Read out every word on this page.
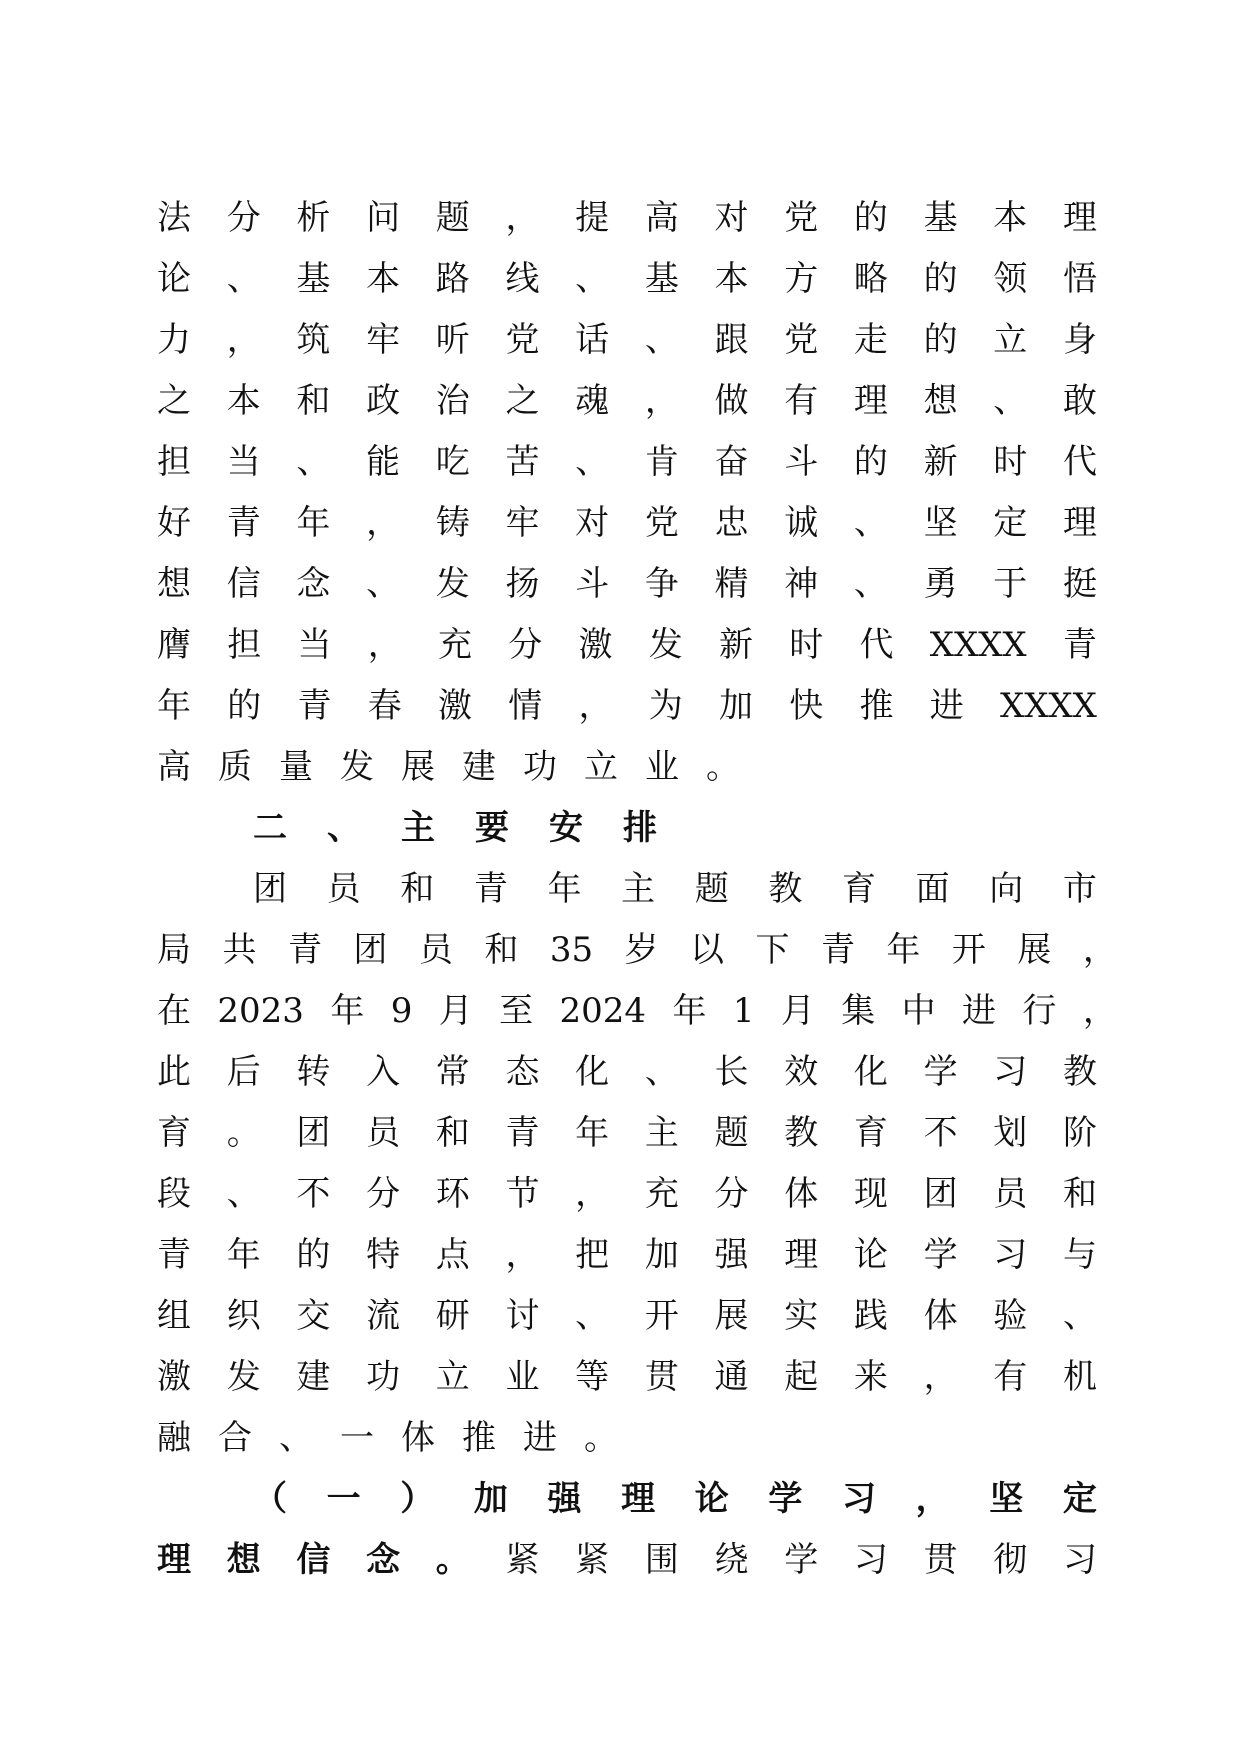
法 分 析 问 题 ， 提 高 对 党 的 基 本 理
论 、 基 本 路 线 、 基 本 方 略 的 领 悟
力 ， 筑 牢 听 党 话 、 跟 党 走 的 立 身
之 本 和 政 治 之 魂 ， 做 有 理 想 、 敢
担 当 、 能 吃 苦 、 肯 奋 斗 的 新 时 代
好 青 年 ， 铸 牢 对 党 忠 诚 、 坚 定 理
想 信 念 、 发 扬 斗 争 精 神 、 勇 于 挺
膺 担 当 ， 充 分 激 发 新 时 代 XXXX 青
年 的 青 春 激 情 ， 为 加 快 推 进 XXXX
高 质 量 发 展 建 功 立 业 。
二 、 主 要 安 排
团 员 和 青 年 主 题 教 育 面 向 市
局 共 青 团 员 和 35 岁 以 下 青 年 开 展 ，
在 2023 年 9 月 至 2024 年 1 月 集 中 进 行 ，
此 后 转 入 常 态 化 、 长 效 化 学 习 教
育 。 团 员 和 青 年 主 题 教 育 不 划 阶
段 、 不 分 环 节 ， 充 分 体 现 团 员 和
青 年 的 特 点 ， 把 加 强 理 论 学 习 与
组 织 交 流 研 讨 、 开 展 实 践 体 验 、
激 发 建 功 立 业 等 贯 通 起 来 ， 有 机
融 合 、 一 体 推 进 。
（ 一 ） 加 强 理 论 学 习 ， 坚 定
理 想 信 念 。 紧 紧 围 绕 学 习 贯 彻 习
